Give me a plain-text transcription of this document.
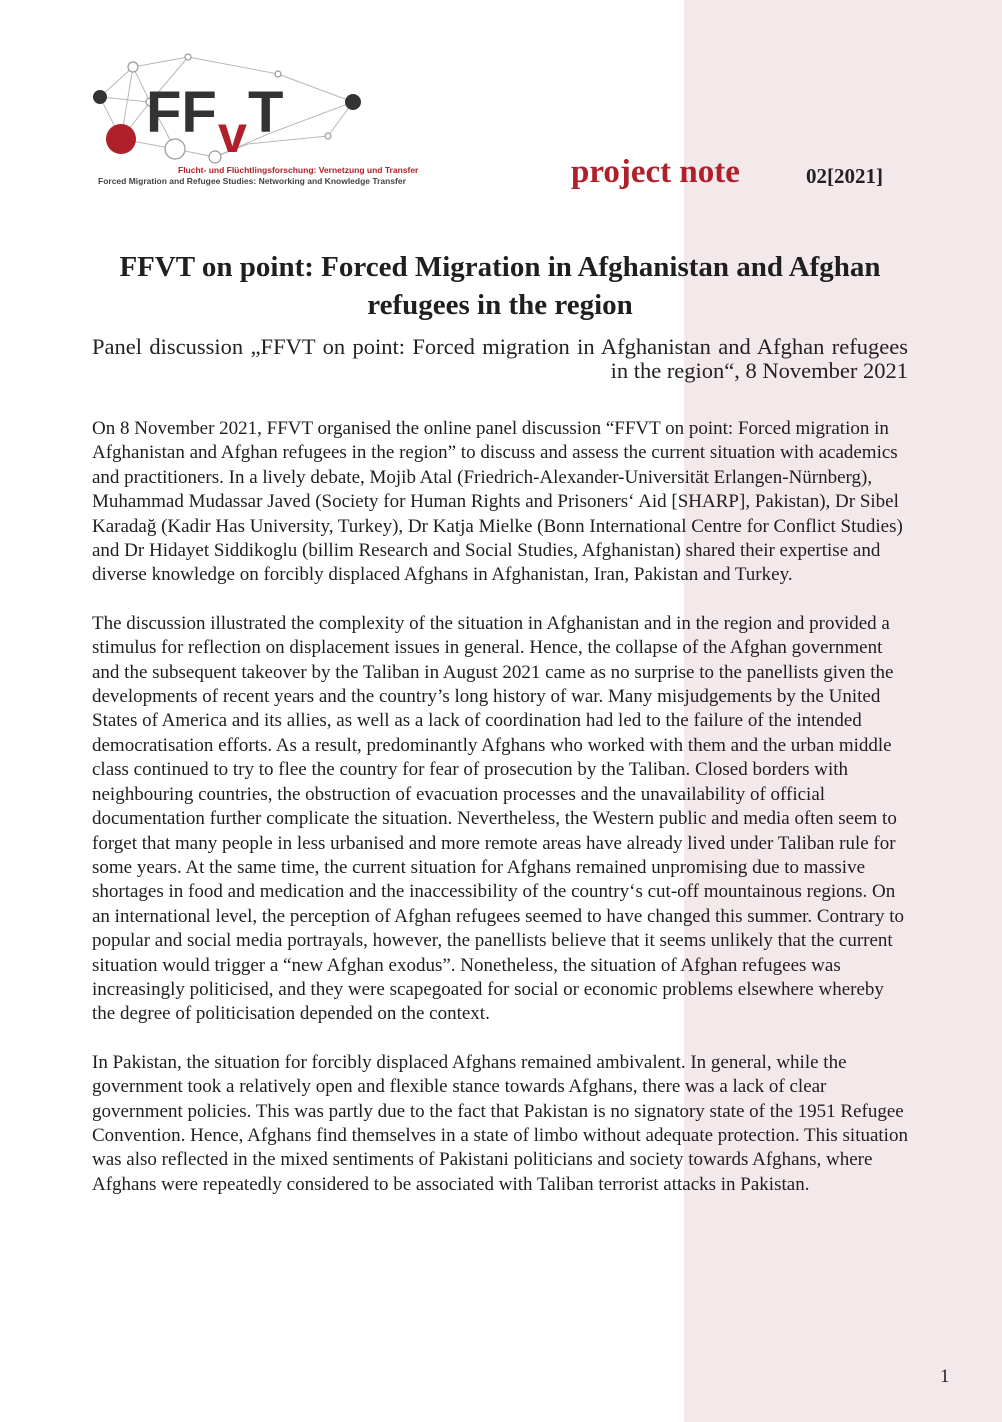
FF v T
Flucht- und Flüchtlingsforschung: Vernetzung und Transfer
Forced Migration and Refugee Studies: Networking and Knowledge Transfer	project note	02[2021]
FFVT on point: Forced Migration in Afghanistan and Afghan refugees in the region
Panel discussion „FFVT on point: Forced migration in Afghanistan and Afghan refugees in the region“, 8 November 2021

On 8 November 2021, FFVT organised the online panel discussion “FFVT on point: Forced migration in Afghanistan and Afghan refugees in the region” to discuss and assess the current situation with academics and practitioners. In a lively debate, Mojib Atal (Friedrich-Alexander-Universität Erlangen-Nürnberg), Muhammad Mudassar Javed (Society for Human Rights and Prisoners‘ Aid [SHARP], Pakistan), Dr Sibel Karadağ (Kadir Has University, Turkey), Dr Katja Mielke (Bonn International Centre for Conflict Studies) and Dr Hidayet Siddikoglu (billim Research and Social Studies, Afghanistan) shared their expertise and diverse knowledge on forcibly displaced Afghans in Afghanistan, Iran, Pakistan and Turkey.

The discussion illustrated the complexity of the situation in Afghanistan and in the region and provided a stimulus for reflection on displacement issues in general. Hence, the collapse of the Afghan government and the subsequent takeover by the Taliban in August 2021 came as no surprise to the panellists given the developments of recent years and the country’s long history of war. Many misjudgements by the United States of America and its allies, as well as a lack of coordination had led to the failure of the intended democratisation efforts. As a result, predominantly Afghans who worked with them and the urban middle class continued to try to flee the country for fear of prosecution by the Taliban. Closed borders with neighbouring countries, the obstruction of evacuation processes and the unavailability of official documentation further complicate the situation. Nevertheless, the Western public and media often seem to forget that many people in less urbanised and more remote areas have already lived under Taliban rule for some years. At the same time, the current situation for Afghans remained unpromising due to massive shortages in food and medication and the inaccessibility of the country‘s cut-off mountainous regions. On an international level, the perception of Afghan refugees seemed to have changed this summer. Contrary to popular and social media portrayals, however, the panellists believe that it seems unlikely that the current situation would trigger a “new Afghan exodus”. Nonetheless, the situation of Afghan refugees was increasingly politicised, and they were scapegoated for social or economic problems elsewhere whereby the degree of politicisation depended on the context.

In Pakistan, the situation for forcibly displaced Afghans remained ambivalent. In general, while the government took a relatively open and flexible stance towards Afghans, there was a lack of clear government policies. This was partly due to the fact that Pakistan is no signatory state of the 1951 Refugee Convention. Hence, Afghans find themselves in a state of limbo without adequate protection. This situation was also reflected in the mixed sentiments of Pakistani politicians and society towards Afghans, where Afghans were repeatedly considered to be associated with Taliban terrorist attacks in Pakistan.

1
